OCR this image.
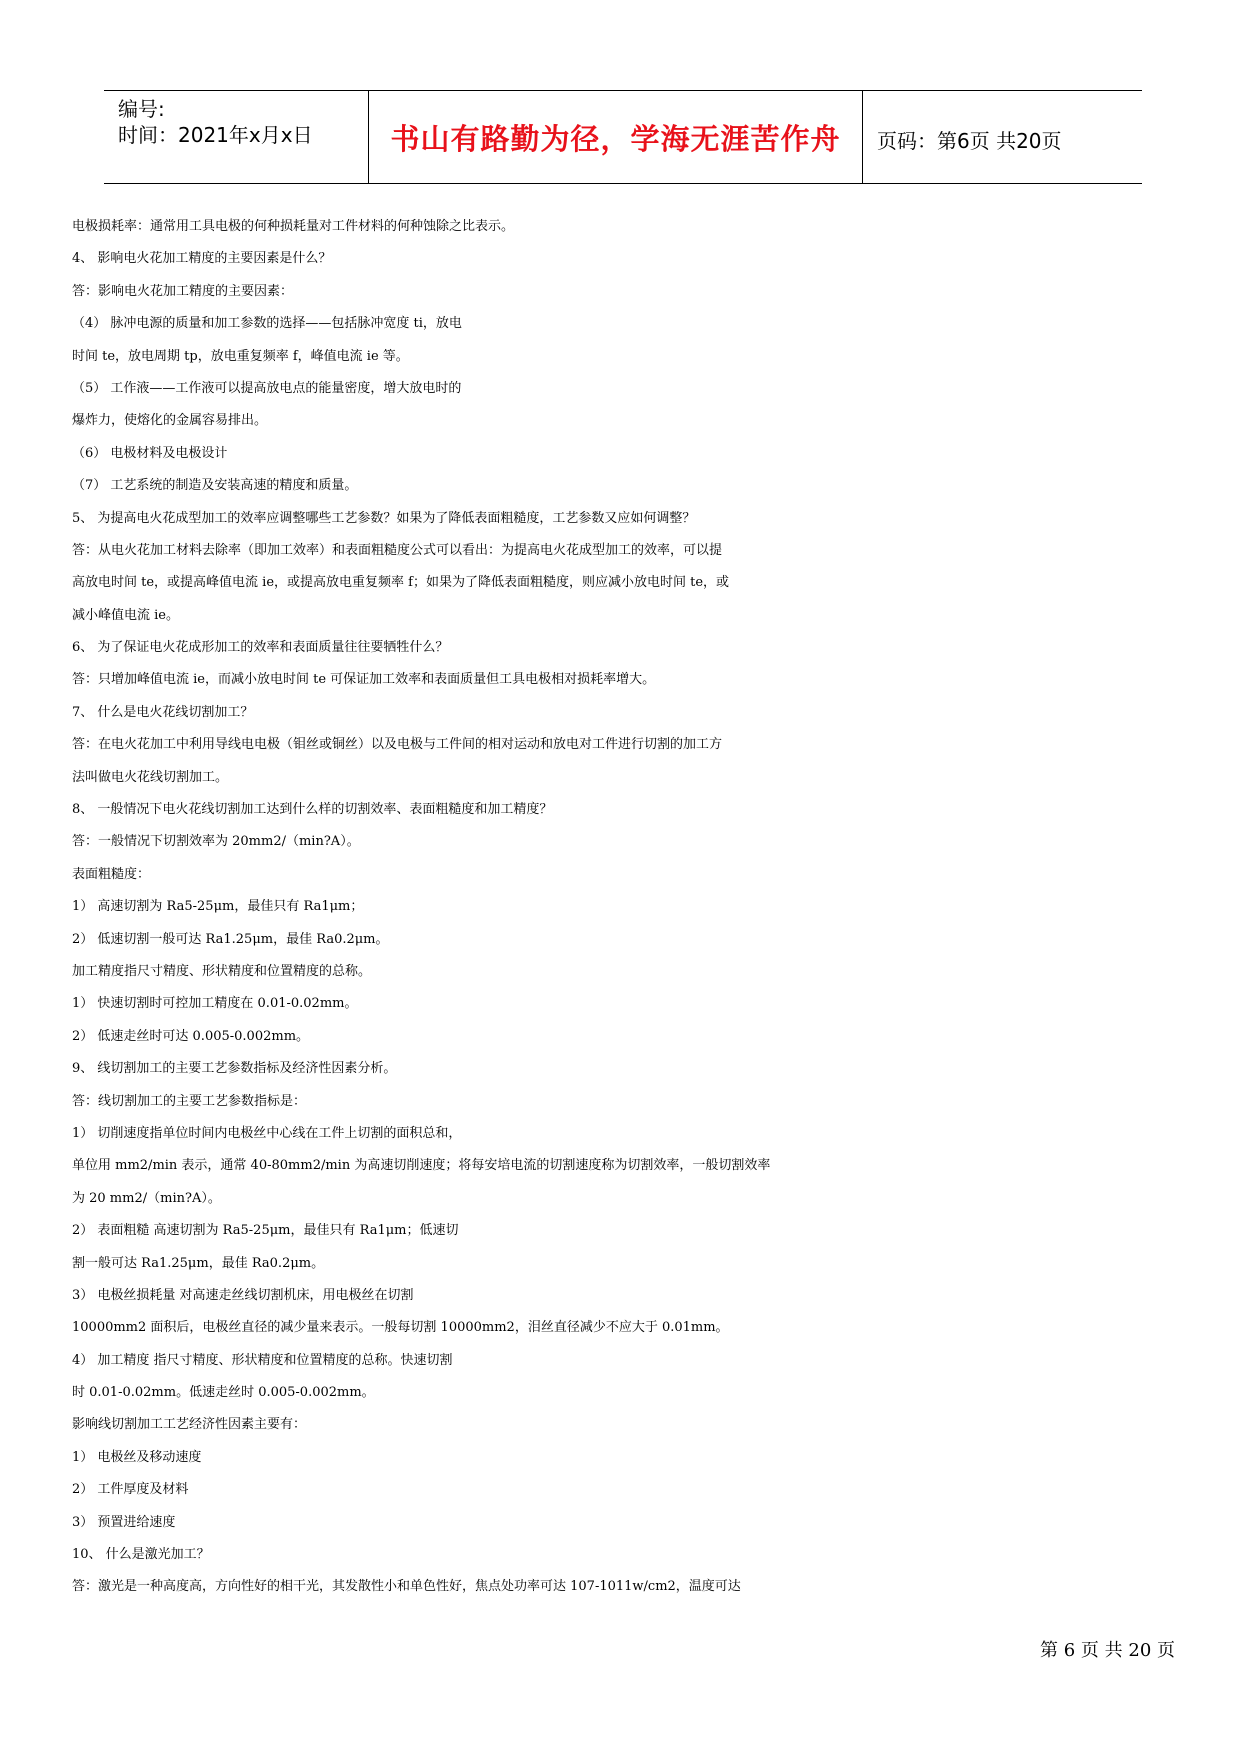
编号:
时间：2021年x月x日	书山有路勤为径，学海无涯苦作舟	页码：第6页 共20页
电极损耗率：通常用工具电极的何种损耗量对工件材料的何种蚀除之比表示。
4、 影响电火花加工精度的主要因素是什么？
答：影响电火花加工精度的主要因素：
（4） 脉冲电源的质量和加工参数的选择——包括脉冲宽度 ti，放电
时间 te，放电周期 tp，放电重复频率 f，峰值电流 ie 等。
（5） 工作液——工作液可以提高放电点的能量密度，增大放电时的
爆炸力，使熔化的金属容易排出。
（6） 电极材料及电极设计
（7） 工艺系统的制造及安装高速的精度和质量。
5、 为提高电火花成型加工的效率应调整哪些工艺参数？如果为了降低表面粗糙度，工艺参数又应如何调整？
答：从电火花加工材料去除率（即加工效率）和表面粗糙度公式可以看出：为提高电火花成型加工的效率，可以提
高放电时间 te，或提高峰值电流 ie，或提高放电重复频率 f；如果为了降低表面粗糙度，则应减小放电时间 te，或
减小峰值电流 ie。
6、 为了保证电火花成形加工的效率和表面质量往往要牺牲什么？
答：只增加峰值电流 ie，而减小放电时间 te 可保证加工效率和表面质量但工具电极相对损耗率增大。
7、 什么是电火花线切割加工？
答：在电火花加工中利用导线电电极（钼丝或铜丝）以及电极与工件间的相对运动和放电对工件进行切割的加工方
法叫做电火花线切割加工。
8、 一般情况下电火花线切割加工达到什么样的切割效率、表面粗糙度和加工精度？
答：一般情况下切割效率为 20mm2/（min?A）。
表面粗糙度：
1） 高速切割为 Ra5-25μm，最佳只有 Ra1μm；
2） 低速切割一般可达 Ra1.25μm，最佳 Ra0.2μm。
加工精度指尺寸精度、形状精度和位置精度的总称。
1） 快速切割时可控加工精度在 0.01-0.02mm。
2） 低速走丝时可达 0.005-0.002mm。
9、 线切割加工的主要工艺参数指标及经济性因素分析。
答：线切割加工的主要工艺参数指标是：
1） 切削速度指单位时间内电极丝中心线在工件上切割的面积总和，
单位用 mm2/min 表示，通常 40-80mm2/min 为高速切削速度；将每安培电流的切割速度称为切割效率，一般切割效率
为 20 mm2/（min?A）。
2） 表面粗糙 高速切割为 Ra5-25μm，最佳只有 Ra1μm；低速切
割一般可达 Ra1.25μm，最佳 Ra0.2μm。
3） 电极丝损耗量 对高速走丝线切割机床，用电极丝在切割
10000mm2 面积后，电极丝直径的减少量来表示。一般每切割 10000mm2，泪丝直径减少不应大于 0.01mm。
4） 加工精度 指尺寸精度、形状精度和位置精度的总称。快速切割
时 0.01-0.02mm。低速走丝时 0.005-0.002mm。
影响线切割加工工艺经济性因素主要有：
1） 电极丝及移动速度
2） 工件厚度及材料
3） 预置进给速度
10、 什么是激光加工？
答：激光是一种高度高，方向性好的相干光，其发散性小和单色性好，焦点处功率可达 107-1011w/cm2，温度可达
第 6 页 共 20 页
